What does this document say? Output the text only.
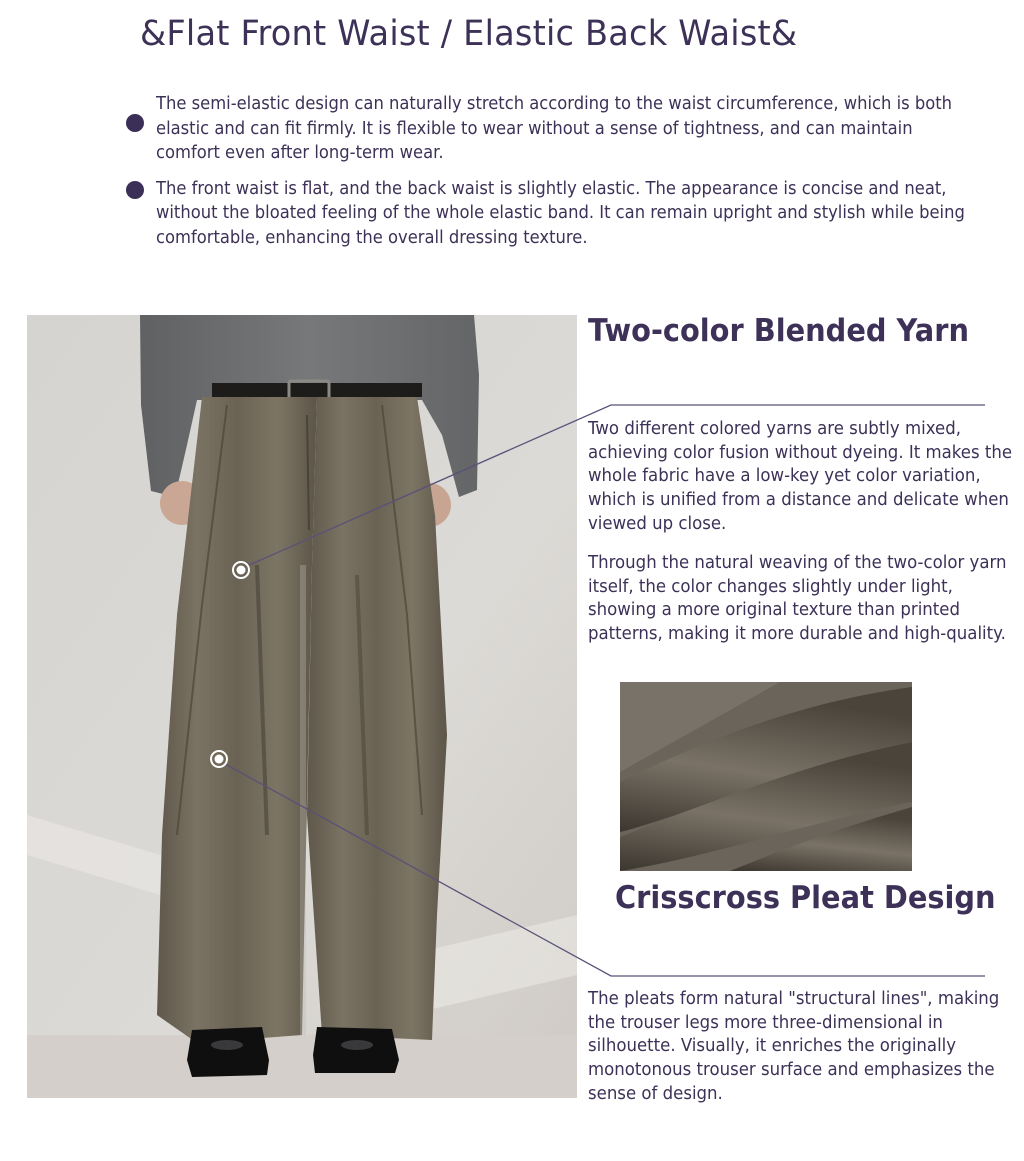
&Flat Front Waist / Elastic Back Waist&

The semi-elastic design can naturally stretch according to the waist circumference, which is both elastic and can fit firmly. It is flexible to wear without a sense of tightness, and can maintain comfort even after long-term wear.

The front waist is flat, and the back waist is slightly elastic. The appearance is concise and neat, without the bloated feeling of the whole elastic band. It can remain upright and stylish while being comfortable, enhancing the overall dressing texture.

Two-color Blended Yarn

Two different colored yarns are subtly mixed, achieving color fusion without dyeing. It makes the whole fabric have a low-key yet color variation, which is unified from a distance and delicate when viewed up close.

Through the natural weaving of the two-color yarn itself, the color changes slightly under light, showing a more original texture than printed patterns, making it more durable and high-quality.

Crisscross Pleat Design

The pleats form natural "structural lines", making the trouser legs more three-dimensional in silhouette. Visually, it enriches the originally monotonous trouser surface and emphasizes the sense of design.
